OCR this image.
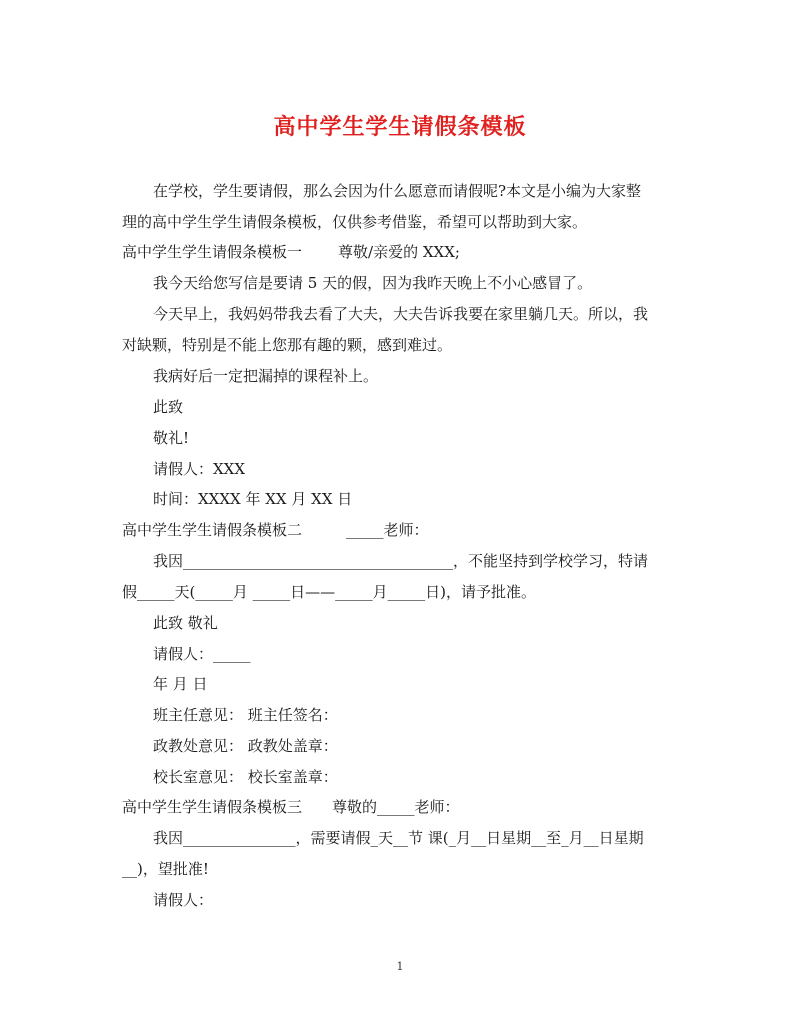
高中学生学生请假条模板
在学校，学生要请假，那么会因为什么愿意而请假呢?本文是小编为大家整
理的高中学生学生请假条模板，仅供参考借鉴，希望可以帮助到大家。
高中学生学生请假条模板一 尊敬/亲爱的 XXX;
我今天给您写信是要请 5 天的假，因为我昨天晚上不小心感冒了。
今天早上，我妈妈带我去看了大夫，大夫告诉我要在家里躺几天。所以，我
对缺颗，特别是不能上您那有趣的颗，感到难过。
我病好后一定把漏掉的课程补上。
此致
敬礼!
请假人：XXX
时间：XXXX 年 XX 月 XX 日
高中学生学生请假条模板二	_____老师：
我因____________________________________，不能坚持到学校学习，特请
假_____天(_____月 _____日——_____月_____日)，请予批准。
此致 敬礼
请假人：_____
年 月 日
班主任意见： 班主任签名：
政教处意见： 政教处盖章：
校长室意见： 校长室盖章：
高中学生学生请假条模板三 尊敬的_____老师：
我因_______________，需要请假_天__节 课(_月__日星期__至_月__日星期
__)，望批准!
请假人：
1
